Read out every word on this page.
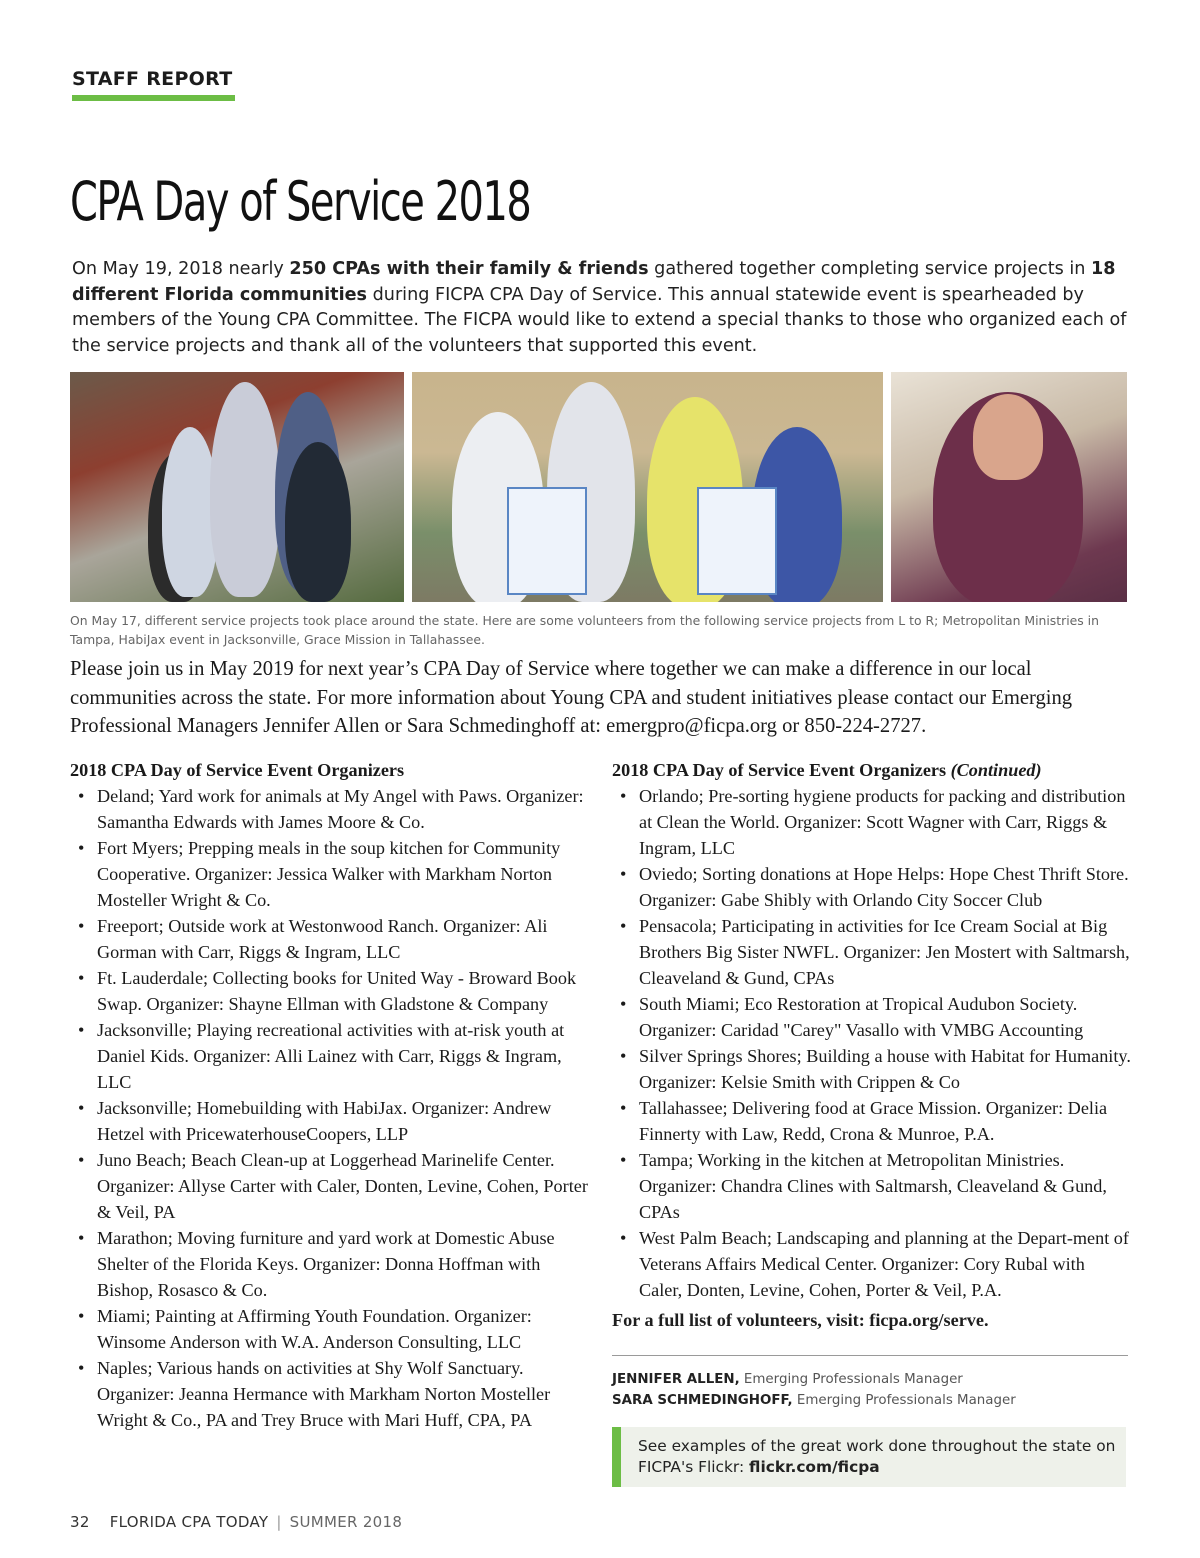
STAFF REPORT
CPA Day of Service 2018

On May 19, 2018 nearly 250 CPAs with their family & friends gathered together completing service projects in 18 different Florida communities during FICPA CPA Day of Service. This annual statewide event is spearheaded by members of the Young CPA Committee. The FICPA would like to extend a special thanks to those who organized each of the service projects and thank all of the volunteers that supported this event.

On May 17, different service projects took place around the state. Here are some volunteers from the following service projects from L to R; Metropolitan Ministries in Tampa, HabiJax event in Jacksonville, Grace Mission in Tallahassee.

Please join us in May 2019 for next year’s CPA Day of Service where together we can make a difference in our local communities across the state. For more information about Young CPA and student initiatives please contact our Emerging Professional Managers Jennifer Allen or Sara Schmedinghoff at: emergpro@ficpa.org or 850-224-2727.

2018 CPA Day of Service Event Organizers
• Deland; Yard work for animals at My Angel with Paws. Organizer: Samantha Edwards with James Moore & Co.
• Fort Myers; Prepping meals in the soup kitchen for Community Cooperative. Organizer: Jessica Walker with Markham Norton Mosteller Wright & Co.
• Freeport; Outside work at Westonwood Ranch. Organizer: Ali Gorman with Carr, Riggs & Ingram, LLC
• Ft. Lauderdale; Collecting books for United Way - Broward Book Swap. Organizer: Shayne Ellman with Gladstone & Company
• Jacksonville; Playing recreational activities with at-risk youth at Daniel Kids. Organizer: Alli Lainez with Carr, Riggs & Ingram, LLC
• Jacksonville; Homebuilding with HabiJax. Organizer: Andrew Hetzel with PricewaterhouseCoopers, LLP
• Juno Beach; Beach Clean-up at Loggerhead Marinelife Center. Organizer: Allyse Carter with Caler, Donten, Levine, Cohen, Porter & Veil, PA
• Marathon; Moving furniture and yard work at Domestic Abuse Shelter of the Florida Keys. Organizer: Donna Hoffman with Bishop, Rosasco & Co.
• Miami; Painting at Affirming Youth Foundation. Organizer: Winsome Anderson with W.A. Anderson Consulting, LLC
• Naples; Various hands on activities at Shy Wolf Sanctuary. Organizer: Jeanna Hermance with Markham Norton Mosteller Wright & Co., PA and Trey Bruce with Mari Huff, CPA, PA
2018 CPA Day of Service Event Organizers (Continued)
• Orlando; Pre-sorting hygiene products for packing and distribution at Clean the World. Organizer: Scott Wagner with Carr, Riggs & Ingram, LLC
• Oviedo; Sorting donations at Hope Helps: Hope Chest Thrift Store. Organizer: Gabe Shibly with Orlando City Soccer Club
• Pensacola; Participating in activities for Ice Cream Social at Big Brothers Big Sister NWFL. Organizer: Jen Mostert with Saltmarsh, Cleaveland & Gund, CPAs
• South Miami; Eco Restoration at Tropical Audubon Society. Organizer: Caridad "Carey" Vasallo with VMBG Accounting
• Silver Springs Shores; Building a house with Habitat for Humanity. Organizer: Kelsie Smith with Crippen & Co
• Tallahassee; Delivering food at Grace Mission. Organizer: Delia Finnerty with Law, Redd, Crona & Munroe, P.A.
• Tampa; Working in the kitchen at Metropolitan Ministries. Organizer: Chandra Clines with Saltmarsh, Cleaveland & Gund, CPAs
• West Palm Beach; Landscaping and planning at the Depart-ment of Veterans Affairs Medical Center. Organizer: Cory Rubal with Caler, Donten, Levine, Cohen, Porter & Veil, P.A.

For a full list of volunteers, visit: ficpa.org/serve.

JENNIFER ALLEN, Emerging Professionals Manager
SARA SCHMEDINGHOFF, Emerging Professionals Manager
See examples of the great work done throughout the state on FICPA's Flickr: flickr.com/ficpa
32 FLORIDA CPA TODAY | SUMMER 2018
